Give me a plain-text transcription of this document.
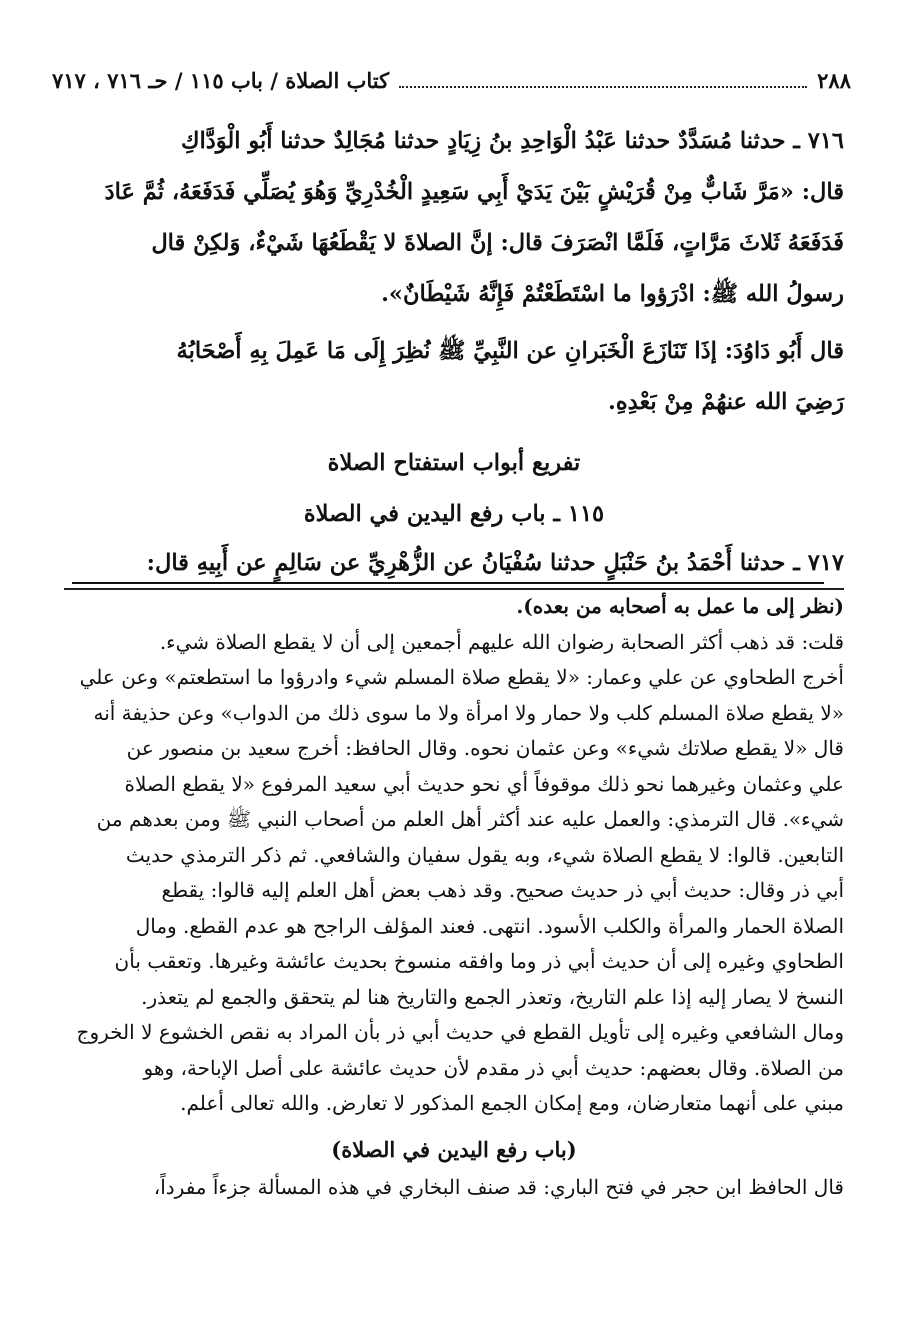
٢٨٨
كتاب الصلاة / باب ١١٥ / حـ ٧١٦ ، ٧١٧

٧١٦ ـ حدثنا مُسَدَّدٌ حدثنا عَبْدُ الْوَاحِدِ بنُ زِيَادٍ حدثنا مُجَالِدٌ حدثنا أَبُو الْوَدَّاكِ

قال: «مَرَّ شَابٌّ مِنْ قُرَيْشٍ بَيْنَ يَدَيْ أَبِي سَعِيدٍ الْخُدْرِيِّ وَهُوَ يُصَلِّي فَدَفَعَهُ، ثُمَّ عَادَ

فَدَفَعَهُ ثَلاثَ مَرَّاتٍ، فَلَمَّا انْصَرَفَ قال: إنَّ الصلاةَ لا يَقْطَعُهَا شَيْءٌ، وَلكِنْ قال

رسولُ الله ﷺ: ادْرَؤوا ما اسْتَطَعْتُمْ فَإِنَّهُ شَيْطَانٌ».

قال أَبُو دَاوُدَ: إذَا تَنَازَعَ الْخَبَرانِ عن النَّبِيِّ ﷺ نُظِرَ إِلَى مَا عَمِلَ بِهِ أَصْحَابُهُ

رَضِيَ الله عنهُمْ مِنْ بَعْدِهِ.

تفريع أبواب استفتاح الصلاة

١١٥ ـ باب رفع اليدين في الصلاة

٧١٧ ـ حدثنا أَحْمَدُ بنُ حَنْبَلٍ حدثنا سُفْيَانُ عن الزُّهْرِيِّ عن سَالِمٍ عن أَبِيهِ قال:

(نظر إلى ما عمل به أصحابه من بعده).

قلت: قد ذهب أكثر الصحابة رضوان الله عليهم أجمعين إلى أن لا يقطع الصلاة شيء.

أخرج الطحاوي عن علي وعمار: «لا يقطع صلاة المسلم شيء وادرؤوا ما استطعتم» وعن علي

«لا يقطع صلاة المسلم كلب ولا حمار ولا امرأة ولا ما سوى ذلك من الدواب» وعن حذيفة أنه

قال «لا يقطع صلاتك شيء» وعن عثمان نحوه. وقال الحافظ: أخرج سعيد بن منصور عن

علي وعثمان وغيرهما نحو ذلك موقوفاً أي نحو حديث أبي سعيد المرفوع «لا يقطع الصلاة

شيء». قال الترمذي: والعمل عليه عند أكثر أهل العلم من أصحاب النبي ﷺ ومن بعدهم من

التابعين. قالوا: لا يقطع الصلاة شيء، وبه يقول سفيان والشافعي. ثم ذكر الترمذي حديث

أبي ذر وقال: حديث أبي ذر حديث صحيح. وقد ذهب بعض أهل العلم إليه قالوا: يقطع

الصلاة الحمار والمرأة والكلب الأسود. انتهى. فعند المؤلف الراجح هو عدم القطع. ومال

الطحاوي وغيره إلى أن حديث أبي ذر وما وافقه منسوخ بحديث عائشة وغيرها. وتعقب بأن

النسخ لا يصار إليه إذا علم التاريخ، وتعذر الجمع والتاريخ هنا لم يتحقق والجمع لم يتعذر.

ومال الشافعي وغيره إلى تأويل القطع في حديث أبي ذر بأن المراد به نقص الخشوع لا الخروج

من الصلاة. وقال بعضهم: حديث أبي ذر مقدم لأن حديث عائشة على أصل الإباحة، وهو

مبني على أنهما متعارضان، ومع إمكان الجمع المذكور لا تعارض. والله تعالى أعلم.

(باب رفع اليدين في الصلاة)

قال الحافظ ابن حجر في فتح الباري: قد صنف البخاري في هذه المسألة جزءاً مفرداً،
